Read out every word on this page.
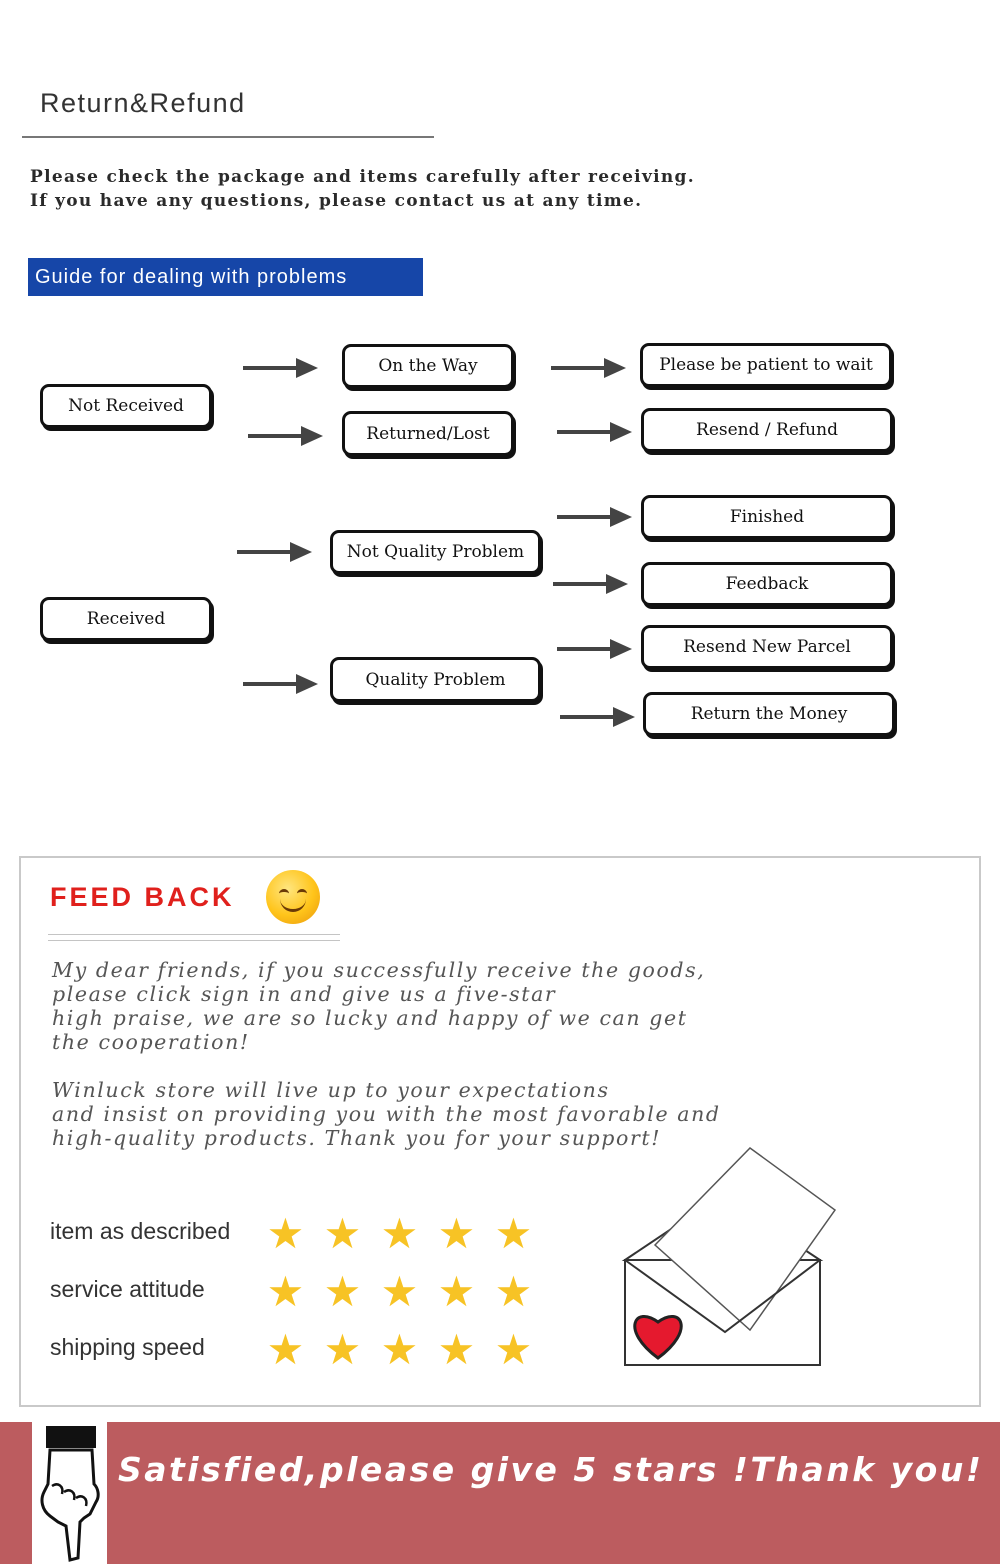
Return&Refund
Please check the package and items carefully after receiving.
If you have any questions, please contact us at any time.
Guide for dealing with problems
Not Received
On the Way	Please be patient to wait
Returned/Lost	Resend / Refund
Received
Not Quality Problem
Quality Problem
Finished
Feedback
Resend New Parcel
Return the Money
FEED BACK
My dear friends, if you successfully receive the goods,
please click sign in and give us a five-star
high praise, we are so lucky and happy of we can get
the cooperation!
Winluck store will live up to your expectations
and insist on providing you with the most favorable and
high-quality products. Thank you for your support!
item as described ★ ★ ★ ★ ★
service attitude ★ ★ ★ ★ ★
shipping speed ★ ★ ★ ★ ★
Satisfied,please give 5 stars !Thank you!
